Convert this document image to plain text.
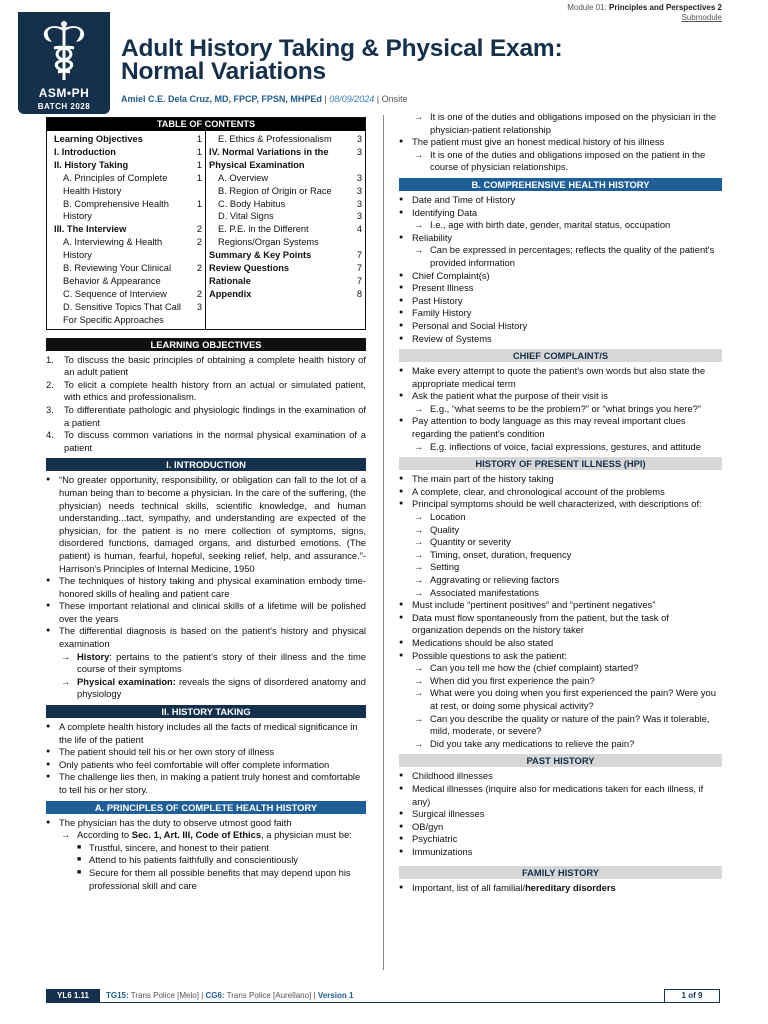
ASM•PH
BATCH 2028
Module 01: Principles and Perspectives 2
Submodule
Adult History Taking & Physical Exam:
Normal Variations
Amiel C.E. Dela Cruz, MD, FPCP, FPSN, MHPEd | 08/09/2024 | Onsite
TABLE OF CONTENTS
Learning Objectives	1
I. Introduction	1
II. History Taking	1
A. Principles of Complete Health History
1
B. Comprehensive Health History
1
III. The Interview	2
A. Interviewing & Health History
2
B. Reviewing Your Clinical Behavior & Appearance
2
C. Sequence of Interview	2
D. Sensitive Topics That Call For Specific Approaches
3
E. Ethics & Professionalism	3
IV. Normal Variations in the Physical Examination
3
A. Overview	3
B. Region of Origin or Race	3
C. Body Habitus	3
D. Vital Signs	3
E. P.E. in the Different Regions/Organ Systems
4
Summary & Key Points	7
Review Questions	7
Rationale	7
Appendix	8
LEARNING OBJECTIVES
1. To discuss the basic principles of obtaining a complete health history of an adult patient
2. To elicit a complete health history from an actual or simulated patient, with ethics and professionalism.
3. To differentiate pathologic and physiologic findings in the examination of a patient
4. To discuss common variations in the normal physical examination of a patient
I. INTRODUCTION
● “No greater opportunity, responsibility, or obligation can fall to the lot of a human being than to become a physician. In the care of the suffering, (the physician) needs technical skills, scientific knowledge, and human understanding...tact, sympathy, and understanding are expected of the physician, for the patient is no mere collection of symptoms, signs, disordered functions, damaged organs, and disturbed emotions. (The patient) is human, fearful, hopeful, seeking relief, help, and assurance.”- Harrison's Principles of Internal Medicine, 1950
● The techniques of history taking and physical examination embody time-honored skills of healing and patient care
● These important relational and clinical skills of a lifetime will be polished over the years
● The differential diagnosis is based on the patient's history and physical examination
→ History: pertains to the patient's story of their illness and the time course of their symptoms
→ Physical examination: reveals the signs of disordered anatomy and physiology
II. HISTORY TAKING
● A complete health history includes all the facts of medical significance in the life of the patient
● The patient should tell his or her own story of illness
● Only patients who feel comfortable will offer complete information
● The challenge lies then, in making a patient truly honest and comfortable to tell his or her story.
A. PRINCIPLES OF COMPLETE HEALTH HISTORY
● The physician has the duty to observe utmost good faith
→ According to Sec. 1, Art. III, Code of Ethics, a physician must be:
■ Trustful, sincere, and honest to their patient
■ Attend to his patients faithfully and conscientiously
■ Secure for them all possible benefits that may depend upon his professional skill and care
→ It is one of the duties and obligations imposed on the physician in the physician-patient relationship
● The patient must give an honest medical history of his illness
→ It is one of the duties and obligations imposed on the patient in the course of physician relationships.
B. COMPREHENSIVE HEALTH HISTORY
● Date and Time of History
● Identifying Data
→ I.e., age with birth date, gender, marital status, occupation
● Reliability
→ Can be expressed in percentages; reflects the quality of the patient's provided information
● Chief Complaint(s)
● Present Illness
● Past History
● Family History
● Personal and Social History
● Review of Systems
CHIEF COMPLAINT/S
● Make every attempt to quote the patient's own words but also state the appropriate medical term
● Ask the patient what the purpose of their visit is
→ E.g., “what seems to be the problem?” or “what brings you here?”
● Pay attention to body language as this may reveal important clues regarding the patient's condition
→ E.g. inflections of voice, facial expressions, gestures, and attitude
HISTORY OF PRESENT ILLNESS (HPI)
● The main part of the history taking
● A complete, clear, and chronological account of the problems
● Principal symptoms should be well characterized, with descriptions of:
→ Location
→ Quality
→ Quantity or severity
→ Timing, onset, duration, frequency
→ Setting
→ Aggravating or relieving factors
→ Associated manifestations
● Must include “pertinent positives” and “pertinent negatives”
● Data must flow spontaneously from the patient, but the task of organization depends on the history taker
● Medications should be also stated
● Possible questions to ask the patient:
→ Can you tell me how the (chief complaint) started?
→ When did you first experience the pain?
→ What were you doing when you first experienced the pain? Were you at rest, or doing some physical activity?
→ Can you describe the quality or nature of the pain? Was it tolerable, mild, moderate, or severe?
→ Did you take any medications to relieve the pain?
PAST HISTORY
● Childhood illnesses
● Medical illnesses (inquire also for medications taken for each illness, if any)
● Surgical illnesses
● OB/gyn
● Psychiatric
● Immunizations
FAMILY HISTORY
● Important, list of all familial/hereditary disorders
YL6 1.11	TG15: Trans Police [Melo] | CG6: Trans Police [Aurellano] | Version 1	1 of 9
